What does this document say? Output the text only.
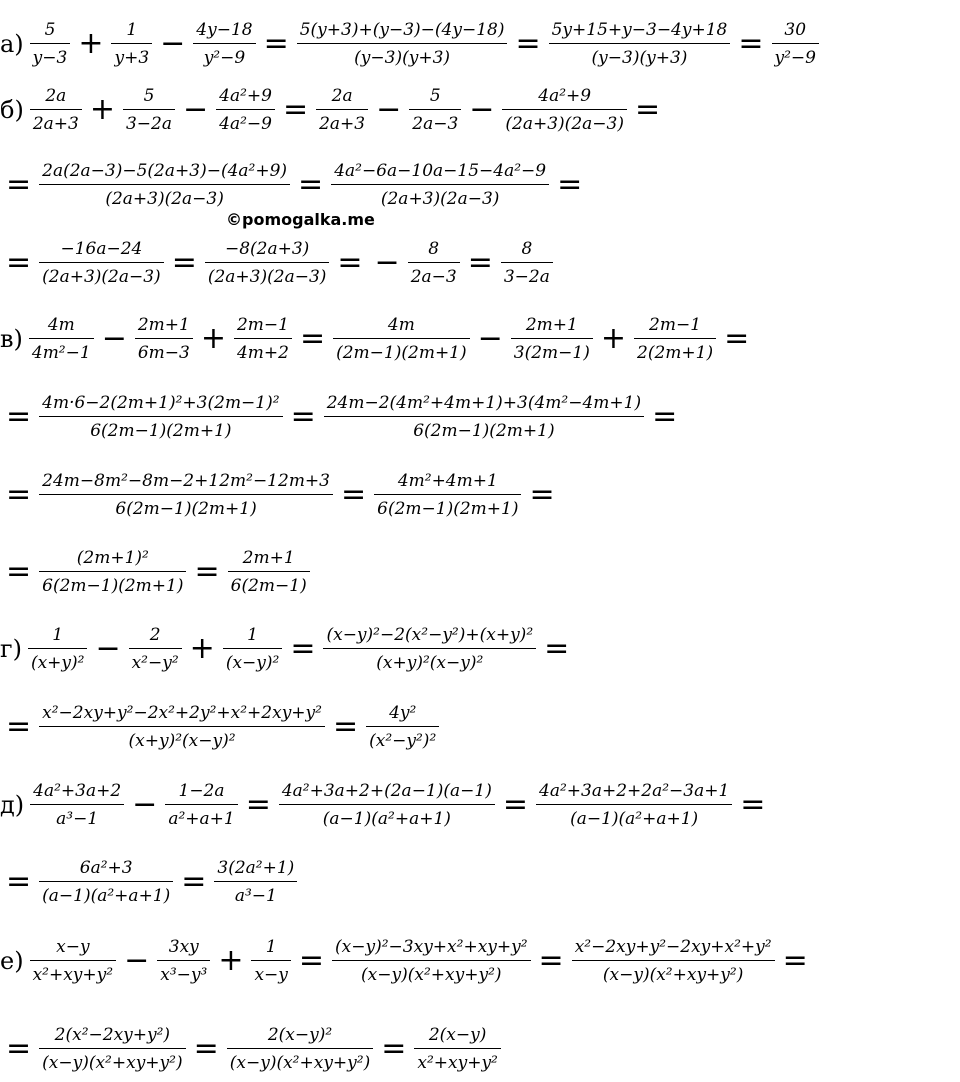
$а) \frac{5}{y-3} + \frac{1}{y+3} - \frac{4y-18}{\text{y²−9}} = \frac{5(y+3)+(y-3)-(4y-18)}{(y-3)(y+3)} = \frac{5y+15+y-3-4y+18}{(y-3)(y+3)} = \frac{30}{\text{y²−9}}$
$б) \frac{2a}{2a+3} + \frac{5}{3-2a} - \frac{\text{4a²+9}}{\text{4a²−9}} = \frac{2a}{2a+3} - \frac{5}{2a-3} - \frac{\text{4a²+9}}{(2a+3)(2a-3)}$ =
= $\frac{\text{2a(2a−3)−5(2a+3)−(4a²+9)}}{(2a+3)(2a-3)} = \frac{\text{4a²−6a−10a−15−4a²−9}}{(2a+3)(2a-3)}$ =
= $\frac{-16a-24}{(2a+3)(2a-3)} = \frac{-8(2a+3)}{(2a+3)(2a-3)}$ = − $\frac{8}{2a-3} = \frac{8}{3-2a}$
$в) \frac{4m}{\text{4m²−1}} - \frac{2m+1}{6m-3} + \frac{2m-1}{4m+2} = \frac{4m}{(2m-1)(2m+1)} - \frac{2m+1}{3(2m-1)} + \frac{2m-1}{2(2m+1)}$ =
= $\frac{\text{4m·6−2(2m+1)²+3(2m−1)²}}{6(2m-1)(2m+1)} = \frac{\text{24m−2(4m²+4m+1)+3(4m²−4m+1)}}{6(2m-1)(2m+1)}$ =
= $\frac{\text{24m−8m²−8m−2+12m²−12m+3}}{6(2m-1)(2m+1)} = \frac{\text{4m²+4m+1}}{6(2m-1)(2m+1)}$ =
= $\frac{\text{(2m+1)²}}{6(2m-1)(2m+1)} = \frac{2m+1}{6(2m-1)}$
$г) \frac{1}{\text{(x+y)²}} - \frac{2}{\text{x²−y²}} + \frac{1}{\text{(x−y)²}} = \frac{\text{(x−y)²−2(x²−y²)+(x+y)²}}{\text{(x+y)²(x−y)²}}$ =
= $\frac{\text{x²−2xy+y²−2x²+2y²+x²+2xy+y²}}{\text{(x+y)²(x−y)²}} = \frac{\text{4y²}}{\text{(x²−y²)²}}$
$д) \frac{\text{4a²+3a+2}}{\text{a³−1}} - \frac{1-2a}{\text{a²+a+1}} = \frac{\text{4a²+3a+2+(2a−1)(a−1)}}{\text{(a−1)(a²+a+1)}} = \frac{\text{4a²+3a+2+2a²−3a+1}}{\text{(a−1)(a²+a+1)}}$ =
= $\frac{\text{6a²+3}}{\text{(a−1)(a²+a+1)}} = \frac{\text{3(2a²+1)}}{\text{a³−1}}$
$е) \frac{x-y}{\text{x²+xy+y²}} - \frac{3xy}{\text{x³−y³}} + \frac{1}{x-y} = \frac{\text{(x−y)²−3xy+x²+xy+y²}}{\text{(x−y)(x²+xy+y²)}} = \frac{\text{x²−2xy+y²−2xy+x²+y²}}{\text{(x−y)(x²+xy+y²)}}$ =
= $\frac{\text{2(x²−2xy+y²)}}{\text{(x−y)(x²+xy+y²)}} = \frac{\text{2(x−y)²}}{\text{(x−y)(x²+xy+y²)}} = \frac{2(x-y)}{\text{x²+xy+y²}}$
©pomogalka.me
